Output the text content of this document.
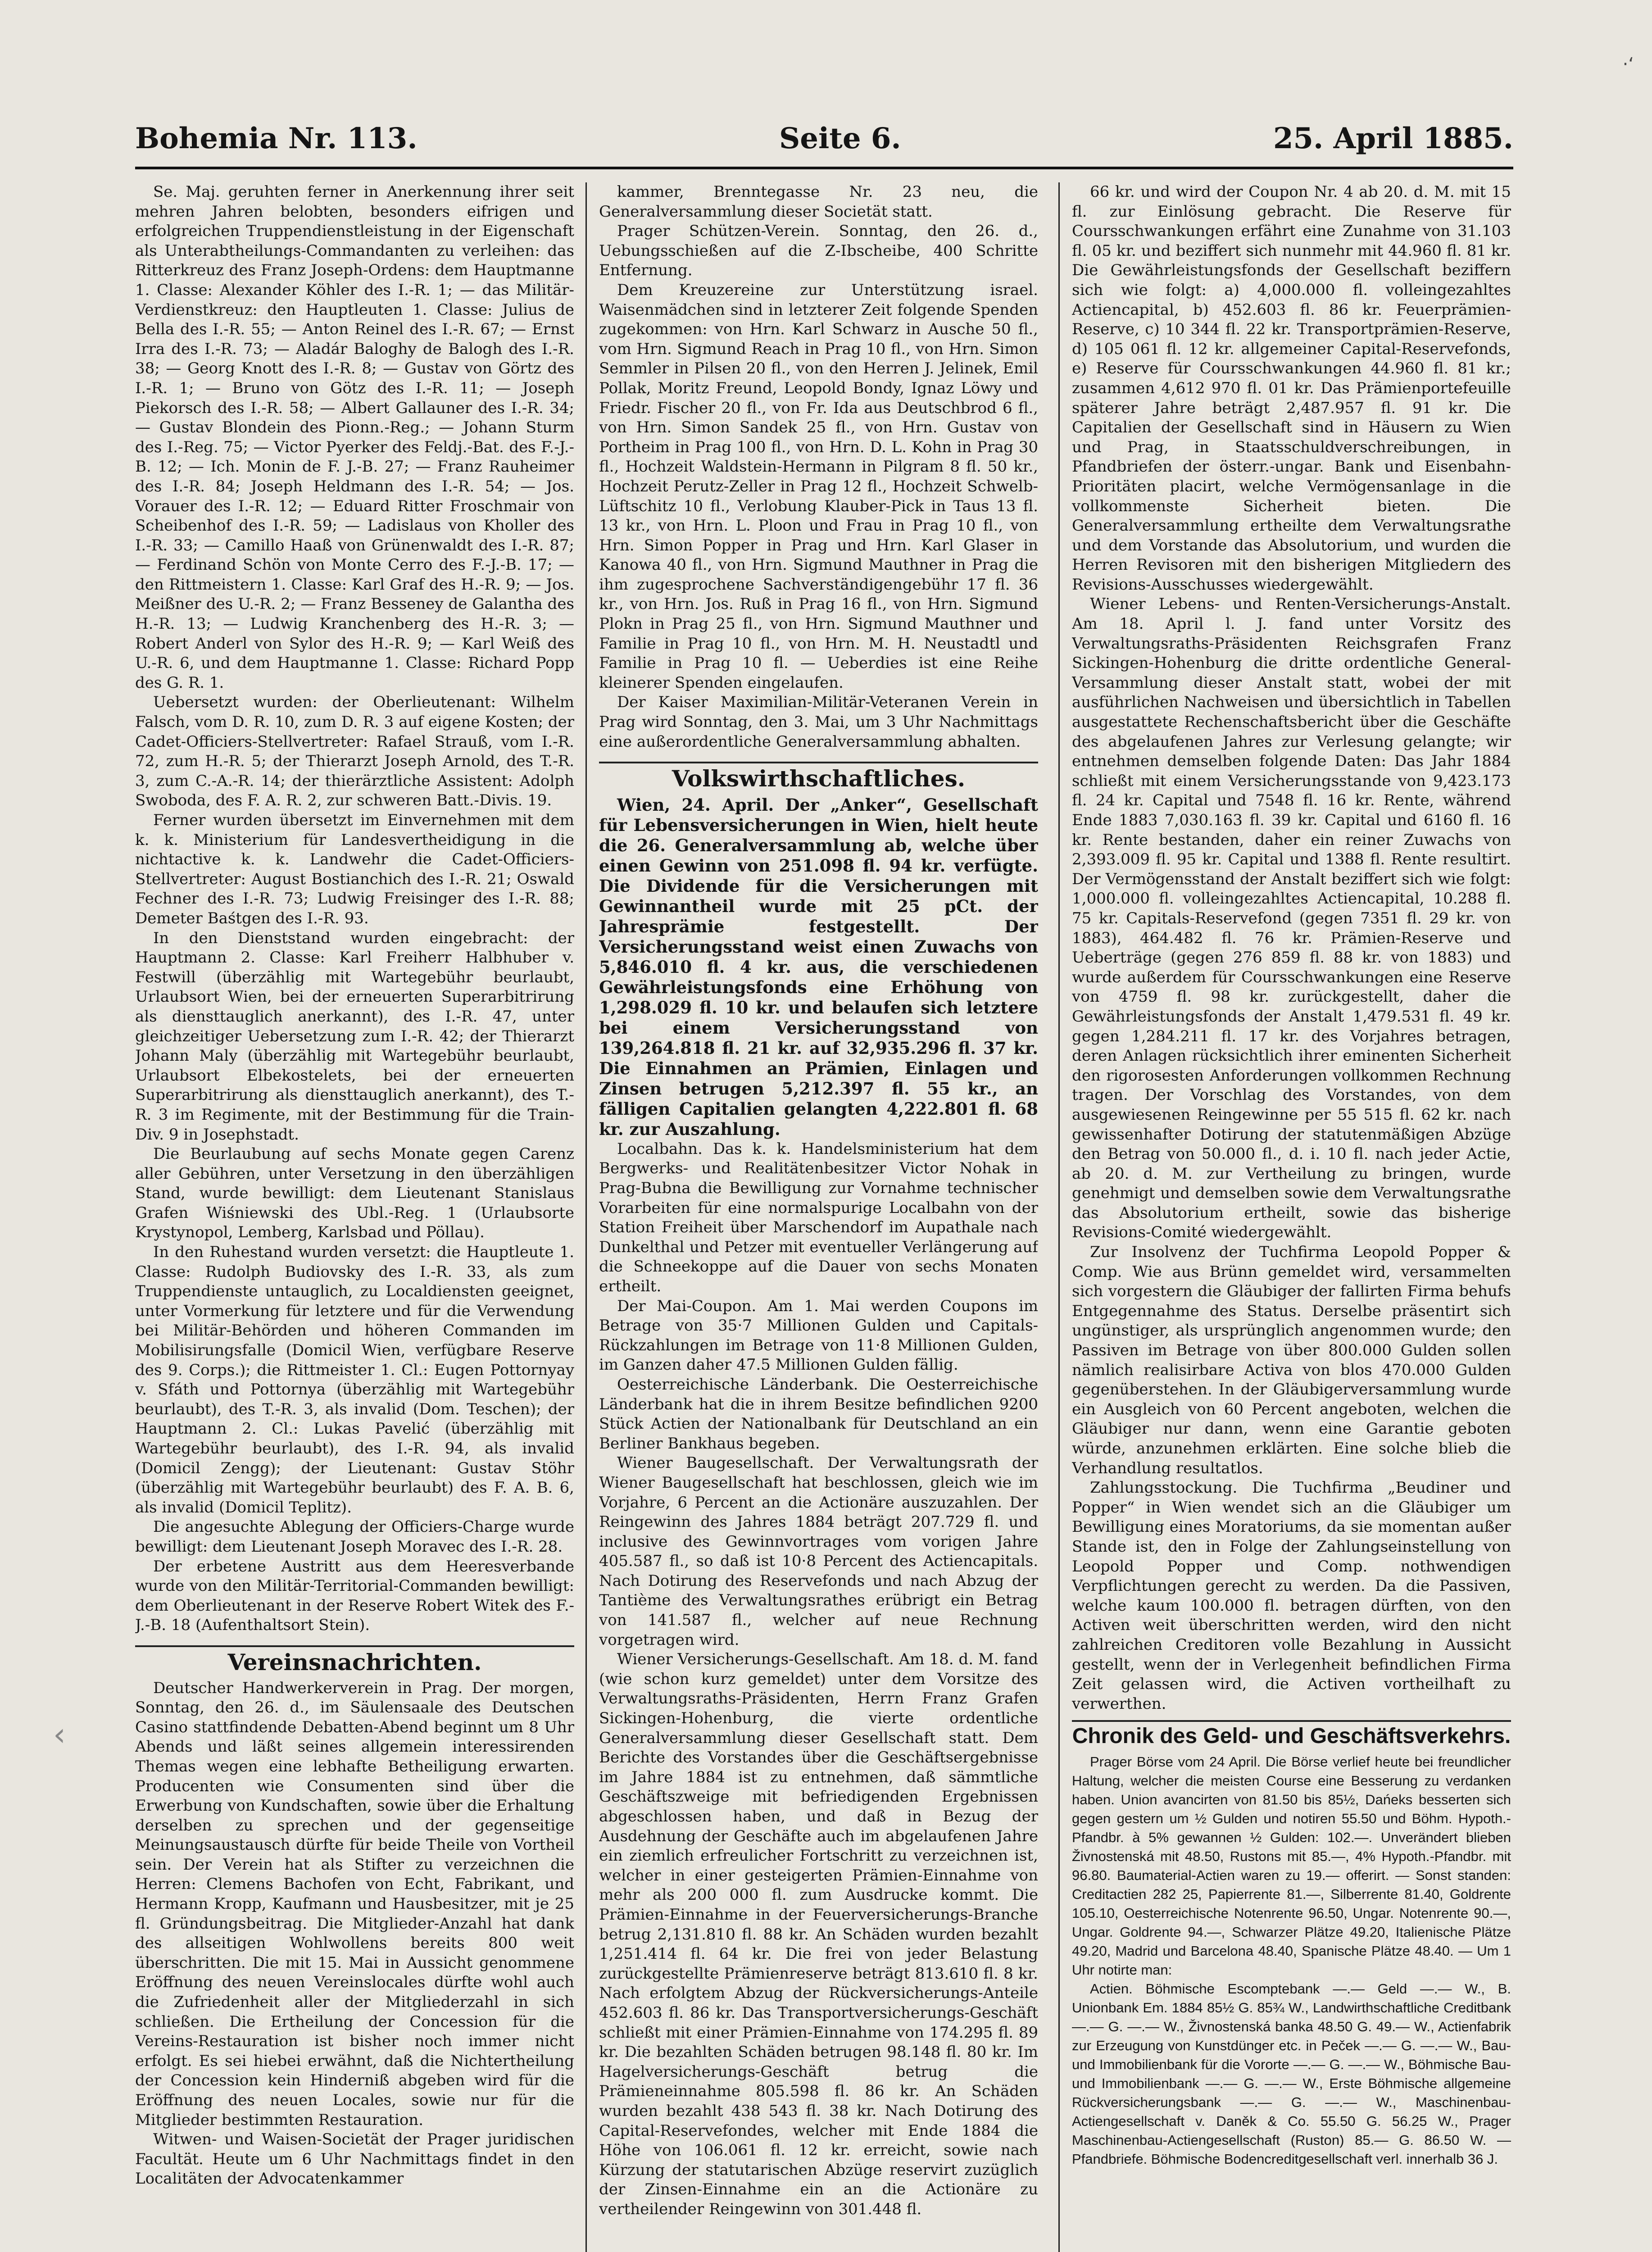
Bohemia Nr. 113.	Seite 6.	25. April 1885.

Se. Maj. geruhten ferner in Anerkennung ihrer seit mehren Jahren belobten, besonders eifrigen und erfolgreichen Truppendienstleistung in der Eigenschaft als Unterabtheilungs-Commandanten zu verleihen: das Ritterkreuz des Franz Joseph-Ordens: dem Hauptmanne 1. Classe: Alexander Köhler des I.-R. 1; — das Militär-Verdienstkreuz: den Hauptleuten 1. Classe: Julius de Bella des I.-R. 55; — Anton Reinel des I.-R. 67; — Ernst Irra des I.-R. 73; — Aladár Baloghy de Balogh des I.-R. 38; — Georg Knott des I.-R. 8; — Gustav von Görtz des I.-R. 1; — Bruno von Götz des I.-R. 11; — Joseph Piekorsch des I.-R. 58; — Albert Gallauner des I.-R. 34; — Gustav Blondein des Pionn.-Reg.; — Johann Sturm des I.-Reg. 75; — Victor Pyerker des Feldj.-Bat. des F.-J.-B. 12; — Ich. Monin de F. J.-B. 27; — Franz Rauheimer des I.-R. 84; Joseph Heldmann des I.-R. 54; — Jos. Vorauer des I.-R. 12; — Eduard Ritter Froschmair von Scheibenhof des I.-R. 59; — Ladislaus von Kholler des I.-R. 33; — Camillo Haaß von Grünenwaldt des I.-R. 87; — Ferdinand Schön von Monte Cerro des F.-J.-B. 17; — den Rittmeistern 1. Classe: Karl Graf des H.-R. 9; — Jos. Meißner des U.-R. 2; — Franz Besseney de Galantha des H.-R. 13; — Ludwig Kranchenberg des H.-R. 3; — Robert Anderl von Sylor des H.-R. 9; — Karl Weiß des U.-R. 6, und dem Hauptmanne 1. Classe: Richard Popp des G. R. 1.

Uebersetzt wurden: der Oberlieutenant: Wilhelm Falsch, vom D. R. 10, zum D. R. 3 auf eigene Kosten; der Cadet-Officiers-Stellvertreter: Rafael Strauß, vom I.-R. 72, zum H.-R. 5; der Thierarzt Joseph Arnold, des T.-R. 3, zum C.-A.-R. 14; der thierärztliche Assistent: Adolph Swoboda, des F. A. R. 2, zur schweren Batt.-Divis. 19.

Ferner wurden übersetzt im Einvernehmen mit dem k. k. Ministerium für Landesvertheidigung in die nichtactive k. k. Landwehr die Cadet-Officiers-Stellvertreter: August Bostianchich des I.-R. 21; Oswald Fechner des I.-R. 73; Ludwig Freisinger des I.-R. 88; Demeter Baśtgen des I.-R. 93.

In den Dienststand wurden eingebracht: der Hauptmann 2. Classe: Karl Freiherr Halbhuber v. Festwill (überzählig mit Wartegebühr beurlaubt, Urlaubsort Wien, bei der erneuerten Superarbitrirung als diensttauglich anerkannt), des I.-R. 47, unter gleichzeitiger Uebersetzung zum I.-R. 42; der Thierarzt Johann Maly (überzählig mit Wartegebühr beurlaubt, Urlaubsort Elbekostelets, bei der erneuerten Superarbitrirung als diensttauglich anerkannt), des T.-R. 3 im Regimente, mit der Bestimmung für die Train-Div. 9 in Josephstadt.

Die Beurlaubung auf sechs Monate gegen Carenz aller Gebühren, unter Versetzung in den überzähligen Stand, wurde bewilligt: dem Lieutenant Stanislaus Grafen Wiśniewski des Ubl.-Reg. 1 (Urlaubsorte Krystynopol, Lemberg, Karlsbad und Pöllau).

In den Ruhestand wurden versetzt: die Hauptleute 1. Classe: Rudolph Budiovsky des I.-R. 33, als zum Truppendienste untauglich, zu Localdiensten geeignet, unter Vormerkung für letztere und für die Verwendung bei Militär-Behörden und höheren Commanden im Mobilisirungsfalle (Domicil Wien, verfügbare Reserve des 9. Corps.); die Rittmeister 1. Cl.: Eugen Pottornyay v. Sfáth und Pottornya (überzählig mit Wartegebühr beurlaubt), des T.-R. 3, als invalid (Dom. Teschen); der Hauptmann 2. Cl.: Lukas Pavelić (überzählig mit Wartegebühr beurlaubt), des I.-R. 94, als invalid (Domicil Zengg); der Lieutenant: Gustav Stöhr (überzählig mit Wartegebühr beurlaubt) des F. A. B. 6, als invalid (Domicil Teplitz).

Die angesuchte Ablegung der Officiers-Charge wurde bewilligt: dem Lieutenant Joseph Moravec des I.-R. 28.

Der erbetene Austritt aus dem Heeresverbande wurde von den Militär-Territorial-Commanden bewilligt: dem Oberlieutenant in der Reserve Robert Witek des F.-J.-B. 18 (Aufenthaltsort Stein).

Vereinsnachrichten.

Deutscher Handwerkerverein in Prag. Der morgen, Sonntag, den 26. d., im Säulensaale des Deutschen Casino stattfindende Debatten-Abend beginnt um 8 Uhr Abends und läßt seines allgemein interessirenden Themas wegen eine lebhafte Betheiligung erwarten. Producenten wie Consumenten sind über die Erwerbung von Kundschaften, sowie über die Erhaltung derselben zu sprechen und der gegenseitige Meinungsaustausch dürfte für beide Theile von Vortheil sein. Der Verein hat als Stifter zu verzeichnen die Herren: Clemens Bachofen von Echt, Fabrikant, und Hermann Kropp, Kaufmann und Hausbesitzer, mit je 25 fl. Gründungsbeitrag. Die Mitglieder-Anzahl hat dank des allseitigen Wohlwollens bereits 800 weit überschritten. Die mit 15. Mai in Aussicht genommene Eröffnung des neuen Vereinslocales dürfte wohl auch die Zufriedenheit aller der Mitgliederzahl in sich schließen. Die Ertheilung der Concession für die Vereins-Restauration ist bisher noch immer nicht erfolgt. Es sei hiebei erwähnt, daß die Nichtertheilung der Concession kein Hinderniß abgeben wird für die Eröffnung des neuen Locales, sowie nur für die Mitglieder bestimmten Restauration.

Witwen- und Waisen-Societät der Prager juridischen Facultät. Heute um 6 Uhr Nachmittags findet in den Localitäten der Advocatenkammer

kammer, Brenntegasse Nr. 23 neu, die Generalversammlung dieser Societät statt.

Prager Schützen-Verein. Sonntag, den 26. d., Uebungsschießen auf die Z-Ibscheibe, 400 Schritte Entfernung.

Dem Kreuzereine zur Unterstützung israel. Waisenmädchen sind in letzterer Zeit folgende Spenden zugekommen: von Hrn. Karl Schwarz in Ausche 50 fl., vom Hrn. Sigmund Reach in Prag 10 fl., von Hrn. Simon Semmler in Pilsen 20 fl., von den Herren J. Jelinek, Emil Pollak, Moritz Freund, Leopold Bondy, Ignaz Löwy und Friedr. Fischer 20 fl., von Fr. Ida aus Deutschbrod 6 fl., von Hrn. Simon Sandek 25 fl., von Hrn. Gustav von Portheim in Prag 100 fl., von Hrn. D. L. Kohn in Prag 30 fl., Hochzeit Waldstein-Hermann in Pilgram 8 fl. 50 kr., Hochzeit Perutz-Zeller in Prag 12 fl., Hochzeit Schwelb-Lüftschitz 10 fl., Verlobung Klauber-Pick in Taus 13 fl. 13 kr., von Hrn. L. Ploon und Frau in Prag 10 fl., von Hrn. Simon Popper in Prag und Hrn. Karl Glaser in Kanowa 40 fl., von Hrn. Sigmund Mauthner in Prag die ihm zugesprochene Sachverständigengebühr 17 fl. 36 kr., von Hrn. Jos. Ruß in Prag 16 fl., von Hrn. Sigmund Plokn in Prag 25 fl., von Hrn. Sigmund Mauthner und Familie in Prag 10 fl., von Hrn. M. H. Neustadtl und Familie in Prag 10 fl. — Ueberdies ist eine Reihe kleinerer Spenden eingelaufen.

Der Kaiser Maximilian-Militär-Veteranen Verein in Prag wird Sonntag, den 3. Mai, um 3 Uhr Nachmittags eine außerordentliche Generalversammlung abhalten.

Volkswirthschaftliches.

Wien, 24. April. Der „Anker“, Gesellschaft für Lebensversicherungen in Wien, hielt heute die 26. Generalversammlung ab, welche über einen Gewinn von 251.098 fl. 94 kr. verfügte. Die Dividende für die Versicherungen mit Gewinnantheil wurde mit 25 pCt. der Jahresprämie festgestellt. Der Versicherungsstand weist einen Zuwachs von 5,846.010 fl. 4 kr. aus, die verschiedenen Gewährleistungsfonds eine Erhöhung von 1,298.029 fl. 10 kr. und belaufen sich letztere bei einem Versicherungsstand von 139,264.818 fl. 21 kr. auf 32,935.296 fl. 37 kr. Die Einnahmen an Prämien, Einlagen und Zinsen betrugen 5,212.397 fl. 55 kr., an fälligen Capitalien gelangten 4,222.801 fl. 68 kr. zur Auszahlung.

Localbahn. Das k. k. Handelsministerium hat dem Bergwerks- und Realitätenbesitzer Victor Nohak in Prag-Bubna die Bewilligung zur Vornahme technischer Vorarbeiten für eine normalspurige Localbahn von der Station Freiheit über Marschendorf im Aupathale nach Dunkelthal und Petzer mit eventueller Verlängerung auf die Schneekoppe auf die Dauer von sechs Monaten ertheilt.

Der Mai-Coupon. Am 1. Mai werden Coupons im Betrage von 35·7 Millionen Gulden und Capitals-Rückzahlungen im Betrage von 11·8 Millionen Gulden, im Ganzen daher 47.5 Millionen Gulden fällig.

Oesterreichische Länderbank. Die Oesterreichische Länderbank hat die in ihrem Besitze befindlichen 9200 Stück Actien der Nationalbank für Deutschland an ein Berliner Bankhaus begeben.

Wiener Baugesellschaft. Der Verwaltungsrath der Wiener Baugesellschaft hat beschlossen, gleich wie im Vorjahre, 6 Percent an die Actionäre auszuzahlen. Der Reingewinn des Jahres 1884 beträgt 207.729 fl. und inclusive des Gewinnvortrages vom vorigen Jahre 405.587 fl., so daß ist 10·8 Percent des Actiencapitals. Nach Dotirung des Reservefonds und nach Abzug der Tantième des Verwaltungsrathes erübrigt ein Betrag von 141.587 fl., welcher auf neue Rechnung vorgetragen wird.

Wiener Versicherungs-Gesellschaft. Am 18. d. M. fand (wie schon kurz gemeldet) unter dem Vorsitze des Verwaltungsraths-Präsidenten, Herrn Franz Grafen Sickingen-Hohenburg, die vierte ordentliche Generalversammlung dieser Gesellschaft statt. Dem Berichte des Vorstandes über die Geschäftsergebnisse im Jahre 1884 ist zu entnehmen, daß sämmtliche Geschäftszweige mit befriedigenden Ergebnissen abgeschlossen haben, und daß in Bezug der Ausdehnung der Geschäfte auch im abgelaufenen Jahre ein ziemlich erfreulicher Fortschritt zu verzeichnen ist, welcher in einer gesteigerten Prämien-Einnahme von mehr als 200 000 fl. zum Ausdrucke kommt. Die Prämien-Einnahme in der Feuerversicherungs-Branche betrug 2,131.810 fl. 88 kr. An Schäden wurden bezahlt 1,251.414 fl. 64 kr. Die frei von jeder Belastung zurückgestellte Prämienreserve beträgt 813.610 fl. 8 kr. Nach erfolgtem Abzug der Rückversicherungs-Anteile 452.603 fl. 86 kr. Das Transportversicherungs-Geschäft schließt mit einer Prämien-Einnahme von 174.295 fl. 89 kr. Die bezahlten Schäden betrugen 98.148 fl. 80 kr. Im Hagelversicherungs-Geschäft betrug die Prämieneinnahme 805.598 fl. 86 kr. An Schäden wurden bezahlt 438 543 fl. 38 kr. Nach Dotirung des Capital-Reservefondes, welcher mit Ende 1884 die Höhe von 106.061 fl. 12 kr. erreicht, sowie nach Kürzung der statutarischen Abzüge reservirt zuzüglich der Zinsen-Einnahme ein an die Actionäre zu vertheilender Reingewinn von 301.448 fl.

66 kr. und wird der Coupon Nr. 4 ab 20. d. M. mit 15 fl. zur Einlösung gebracht. Die Reserve für Coursschwankungen erfährt eine Zunahme von 31.103 fl. 05 kr. und beziffert sich nunmehr mit 44.960 fl. 81 kr. Die Gewährleistungsfonds der Gesellschaft beziffern sich wie folgt: a) 4,000.000 fl. volleingezahltes Actiencapital, b) 452.603 fl. 86 kr. Feuerprämien-Reserve, c) 10 344 fl. 22 kr. Transportprämien-Reserve, d) 105 061 fl. 12 kr. allgemeiner Capital-Reservefonds, e) Reserve für Coursschwankungen 44.960 fl. 81 kr.; zusammen 4,612 970 fl. 01 kr. Das Prämienportefeuille späterer Jahre beträgt 2,487.957 fl. 91 kr. Die Capitalien der Gesellschaft sind in Häusern zu Wien und Prag, in Staatsschuldverschreibungen, in Pfandbriefen der österr.-ungar. Bank und Eisenbahn-Prioritäten placirt, welche Vermögensanlage in die vollkommenste Sicherheit bieten. Die Generalversammlung ertheilte dem Verwaltungsrathe und dem Vorstande das Absolutorium, und wurden die Herren Revisoren mit den bisherigen Mitgliedern des Revisions-Ausschusses wiedergewählt.

Wiener Lebens- und Renten-Versicherungs-Anstalt. Am 18. April l. J. fand unter Vorsitz des Verwaltungsraths-Präsidenten Reichsgrafen Franz Sickingen-Hohenburg die dritte ordentliche General-Versammlung dieser Anstalt statt, wobei der mit ausführlichen Nachweisen und übersichtlich in Tabellen ausgestattete Rechenschaftsbericht über die Geschäfte des abgelaufenen Jahres zur Verlesung gelangte; wir entnehmen demselben folgende Daten: Das Jahr 1884 schließt mit einem Versicherungsstande von 9,423.173 fl. 24 kr. Capital und 7548 fl. 16 kr. Rente, während Ende 1883 7,030.163 fl. 39 kr. Capital und 6160 fl. 16 kr. Rente bestanden, daher ein reiner Zuwachs von 2,393.009 fl. 95 kr. Capital und 1388 fl. Rente resultirt. Der Vermögensstand der Anstalt beziffert sich wie folgt: 1,000.000 fl. volleingezahltes Actiencapital, 10.288 fl. 75 kr. Capitals-Reservefond (gegen 7351 fl. 29 kr. von 1883), 464.482 fl. 76 kr. Prämien-Reserve und Ueberträge (gegen 276 859 fl. 88 kr. von 1883) und wurde außerdem für Coursschwankungen eine Reserve von 4759 fl. 98 kr. zurückgestellt, daher die Gewährleistungsfonds der Anstalt 1,479.531 fl. 49 kr. gegen 1,284.211 fl. 17 kr. des Vorjahres betragen, deren Anlagen rücksichtlich ihrer eminenten Sicherheit den rigorosesten Anforderungen vollkommen Rechnung tragen. Der Vorschlag des Vorstandes, von dem ausgewiesenen Reingewinne per 55 515 fl. 62 kr. nach gewissenhafter Dotirung der statutenmäßigen Abzüge den Betrag von 50.000 fl., d. i. 10 fl. nach jeder Actie, ab 20. d. M. zur Vertheilung zu bringen, wurde genehmigt und demselben sowie dem Verwaltungsrathe das Absolutorium ertheilt, sowie das bisherige Revisions-Comité wiedergewählt.

Zur Insolvenz der Tuchfirma Leopold Popper & Comp. Wie aus Brünn gemeldet wird, versammelten sich vorgestern die Gläubiger der fallirten Firma behufs Entgegennahme des Status. Derselbe präsentirt sich ungünstiger, als ursprünglich angenommen wurde; den Passiven im Betrage von über 800.000 Gulden sollen nämlich realisirbare Activa von blos 470.000 Gulden gegenüberstehen. In der Gläubigerversammlung wurde ein Ausgleich von 60 Percent angeboten, welchen die Gläubiger nur dann, wenn eine Garantie geboten würde, anzunehmen erklärten. Eine solche blieb die Verhandlung resultatlos.

Zahlungsstockung. Die Tuchfirma „Beudiner und Popper“ in Wien wendet sich an die Gläubiger um Bewilligung eines Moratoriums, da sie momentan außer Stande ist, den in Folge der Zahlungseinstellung von Leopold Popper und Comp. nothwendigen Verpflichtungen gerecht zu werden. Da die Passiven, welche kaum 100.000 fl. betragen dürften, von den Activen weit überschritten werden, wird den nicht zahlreichen Creditoren volle Bezahlung in Aussicht gestellt, wenn der in Verlegenheit befindlichen Firma Zeit gelassen wird, die Activen vortheilhaft zu verwerthen.

Chronik des Geld- und Geschäftsverkehrs.

Prager Börse vom 24 April. Die Börse verlief heute bei freundlicher Haltung, welcher die meisten Course eine Besserung zu verdanken haben. Union avancirten von 81.50 bis 85½, Dańeks besserten sich gegen gestern um ½ Gulden und notiren 55.50 und Böhm. Hypoth.-Pfandbr. à 5% gewannen ½ Gulden: 102.—. Unverändert blieben Živnostenská mit 48.50, Rustons mit 85.—, 4% Hypoth.-Pfandbr. mit 96.80. Baumaterial-Actien waren zu 19.— offerirt. — Sonst standen: Creditactien 282 25, Papierrente 81.—, Silberrente 81.40, Goldrente 105.10, Oesterreichische Notenrente 96.50, Ungar. Notenrente 90.—, Ungar. Goldrente 94.—, Schwarzer Plätze 49.20, Italienische Plätze 49.20, Madrid und Barcelona 48.40, Spanische Plätze 48.40. — Um 1 Uhr notirte man:

Actien. Böhmische Escomptebank —.— Geld —.— W., B. Unionbank Em. 1884 85½ G. 85¾ W., Landwirthschaftliche Creditbank —.— G. —.— W., Živnostenská banka 48.50 G. 49.— W., Actienfabrik zur Erzeugung von Kunstdünger etc. in Peček —.— G. —.— W., Bau- und Immobilienbank für die Vororte —.— G. —.— W., Böhmische Bau- und Immobilienbank —.— G. —.— W., Erste Böhmische allgemeine Rückversicherungsbank —.— G. —.— W., Maschinenbau-Actiengesellschaft v. Daněk & Co. 55.50 G. 56.25 W., Prager Maschinenbau-Actiengesellschaft (Ruston) 85.— G. 86.50 W. — Pfandbriefe. Böhmische Bodencreditgesellschaft verl. innerhalb 36 J.

‹
·‘
